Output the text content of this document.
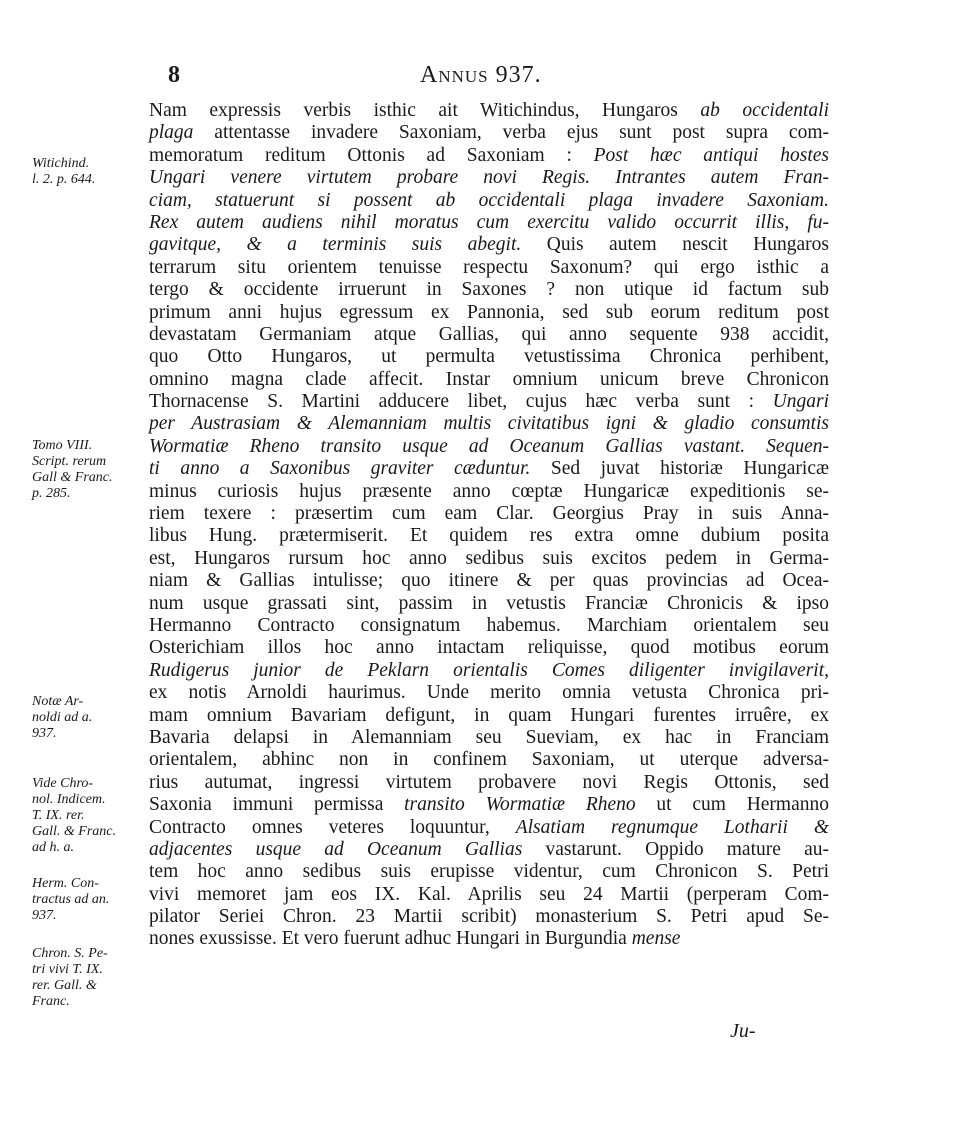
8	Annus 937.
Nam expressis verbis isthic ait Witichindus, Hungaros ab occidentali
plaga attentasse invadere Saxoniam, verba ejus sunt post supra com-
memoratum reditum Ottonis ad Saxoniam : Post hæc antiqui hostes
Ungari venere virtutem probare novi Regis. Intrantes autem Fran-
ciam, statuerunt si possent ab occidentali plaga invadere Saxoniam.
Rex autem audiens nihil moratus cum exercitu valido occurrit illis, fu-
gavitque, & a terminis suis abegit. Quis autem nescit Hungaros
terrarum situ orientem tenuisse respectu Saxonum? qui ergo isthic a
tergo & occidente irruerunt in Saxones ? non utique id factum sub
primum anni hujus egressum ex Pannonia, sed sub eorum reditum post
devastatam Germaniam atque Gallias, qui anno sequente 938 accidit,
quo Otto Hungaros, ut permulta vetustissima Chronica perhibent,
omnino magna clade affecit. Instar omnium unicum breve Chronicon
Thornacense S. Martini adducere libet, cujus hæc verba sunt : Ungari
per Austrasiam & Alemanniam multis civitatibus igni & gladio consumtis
Wormatiæ Rheno transito usque ad Oceanum Gallias vastant. Sequen-
ti anno a Saxonibus graviter cæduntur. Sed juvat historiæ Hungaricæ
minus curiosis hujus præsente anno cœptæ Hungaricæ expeditionis se-
riem texere : præsertim cum eam Clar. Georgius Pray in suis Anna-
libus Hung. prætermiserit. Et quidem res extra omne dubium posita
est, Hungaros rursum hoc anno sedibus suis excitos pedem in Germa-
niam & Gallias intulisse; quo itinere & per quas provincias ad Ocea-
num usque grassati sint, passim in vetustis Franciæ Chronicis & ipso
Hermanno Contracto consignatum habemus. Marchiam orientalem seu
Osterichiam illos hoc anno intactam reliquisse, quod motibus eorum
Rudigerus junior de Peklarn orientalis Comes diligenter invigilaverit,
ex notis Arnoldi haurimus. Unde merito omnia vetusta Chronica pri-
mam omnium Bavariam defigunt, in quam Hungari furentes irruêre, ex
Bavaria delapsi in Alemanniam seu Sueviam, ex hac in Franciam
orientalem, abhinc non in confinem Saxoniam, ut uterque adversa-
rius autumat, ingressi virtutem probavere novi Regis Ottonis, sed
Saxonia immuni permissa transito Wormatiæ Rheno ut cum Hermanno
Contracto omnes veteres loquuntur, Alsatiam regnumque Lotharii &
adjacentes usque ad Oceanum Gallias vastarunt. Oppido mature au-
tem hoc anno sedibus suis erupisse videntur, cum Chronicon S. Petri
vivi memoret jam eos IX. Kal. Aprilis seu 24 Martii (perperam Com-
pilator Seriei Chron. 23 Martii scribit) monasterium S. Petri apud Se-
nones exussisse. Et vero fuerunt adhuc Hungari in Burgundia mense
Witichind.
l. 2. p. 644.
Tomo VIII.
Script. rerum
Gall & Franc.
p. 285.
Notæ Ar-
noldi ad a.
937.
Vide Chro-
nol. Indicem.
T. IX. rer.
Gall. & Franc.
ad h. a.
Herm. Con-
tractus ad an.
937.
Chron. S. Pe-
tri vivi T. IX.
rer. Gall. &
Franc.
Ju-
